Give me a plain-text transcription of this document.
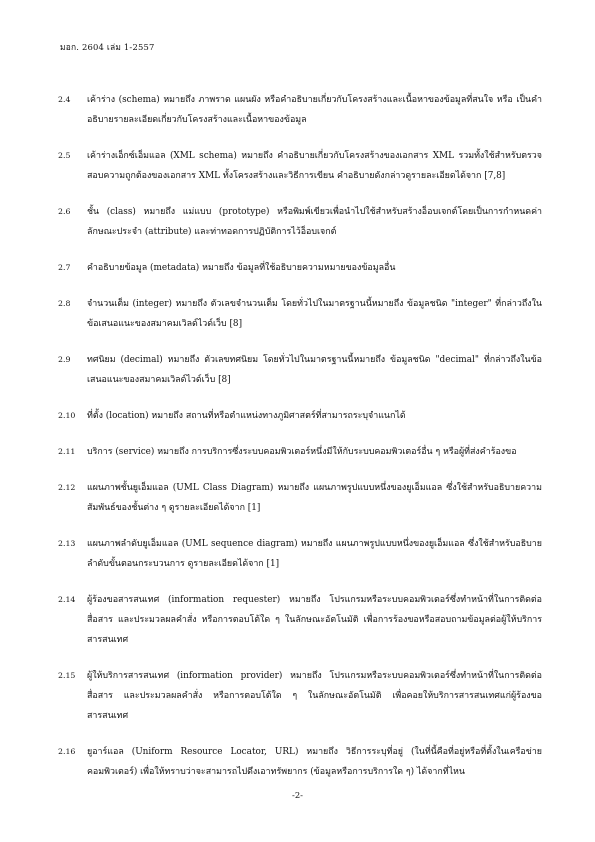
มอก. 2604 เล่ม 1-2557
2.4	เค้าร่าง (schema) หมายถึง ภาพราด แผนผัง หรือคำอธิบายเกี่ยวกับโครงสร้างและเนื้อหาของข้อมูลที่สนใจ หรือ เป็นคำอธิบายรายละเอียดเกี่ยวกับโครงสร้างและเนื้อหาของข้อมูล
2.5	เค้าร่างเอ็กซ์เอ็มแอล (XML schema) หมายถึง คำอธิบายเกี่ยวกับโครงสร้างของเอกสาร XML รวมทั้งใช้สำหรับตรวจสอบความถูกต้องของเอกสาร XML ทั้งโครงสร้างและวิธีการเขียน คำอธิบายดังกล่าวดูรายละเอียดได้จาก [7,8]
2.6	ชั้น (class) หมายถึง แม่แบบ (prototype) หรือพิมพ์เขียวเพื่อนำไปใช้สำหรับสร้างอ็อบเจกต์โดยเป็นการกำหนดค่าลักษณะประจำ (attribute) และท่าทอดการปฏิบัติการไว้อ็อบเจกต์
2.7	คำอธิบายข้อมูล (metadata) หมายถึง ข้อมูลที่ใช้อธิบายความหมายของข้อมูลอื่น
2.8	จำนวนเต็ม (integer) หมายถึง ตัวเลขจำนวนเต็ม โดยทั่วไปในมาตรฐานนี้หมายถึง ข้อมูลชนิด "integer" ที่กล่าวถึงในข้อเสนอแนะของสมาคมเวิลด์ไวด์เว็บ [8]
2.9	ทศนิยม (decimal) หมายถึง ตัวเลขทศนิยม โดยทั่วไปในมาตรฐานนี้หมายถึง ข้อมูลชนิด "decimal" ที่กล่าวถึงในข้อเสนอแนะของสมาคมเวิลด์ไวด์เว็บ [8]
2.10	ที่ตั้ง (location) หมายถึง สถานที่หรือตำแหน่งทางภูมิศาสตร์ที่สามารถระบุจำแนกได้
2.11	บริการ (service) หมายถึง การบริการซึ่งระบบคอมพิวเตอร์หนึ่งมีให้กับระบบคอมพิวเตอร์อื่น ๆ หรือผู้ที่ส่งคำร้องขอ
2.12	แผนภาพชั้นยูเอ็มแอล (UML Class Diagram) หมายถึง แผนภาพรูปแบบหนึ่งของยูเอ็มแอล ซึ่งใช้สำหรับอธิบายความสัมพันธ์ของชั้นต่าง ๆ ดูรายละเอียดได้จาก [1]
2.13	แผนภาพลำดับยูเอ็มแอล (UML sequence diagram) หมายถึง แผนภาพรูปแบบหนึ่งของยูเอ็มแอล ซึ่งใช้สำหรับอธิบายลำดับขั้นตอนกระบวนการ ดูรายละเอียดได้จาก [1]
2.14	ผู้ร้องขอสารสนเทศ (information requester) หมายถึง โปรแกรมหรือระบบคอมพิวเตอร์ซึ่งทำหน้าที่ในการติดต่อสื่อสาร และประมวลผลคำสั่ง หรือการตอบโต้ใด ๆ ในลักษณะอัตโนมัติ เพื่อการร้องขอหรือสอบถามข้อมูลต่อผู้ให้บริการสารสนเทศ
2.15	ผู้ให้บริการสารสนเทศ (information provider) หมายถึง โปรแกรมหรือระบบคอมพิวเตอร์ซึ่งทำหน้าที่ในการติดต่อสื่อสาร และประมวลผลคำสั่ง หรือการตอบโต้ใด ๆ ในลักษณะอัตโนมัติ เพื่อคอยให้บริการสารสนเทศแก่ผู้ร้องขอสารสนเทศ
2.16	ยูอาร์แอล (Uniform Resource Locator, URL) หมายถึง วิธีการระบุที่อยู่ (ในที่นี้คือที่อยู่หรือที่ตั้งในเครือข่ายคอมพิวเตอร์) เพื่อให้ทราบว่าจะสามารถไปดึงเอาทรัพยากร (ข้อมูลหรือการบริการใด ๆ) ได้จากที่ไหน
-2-
